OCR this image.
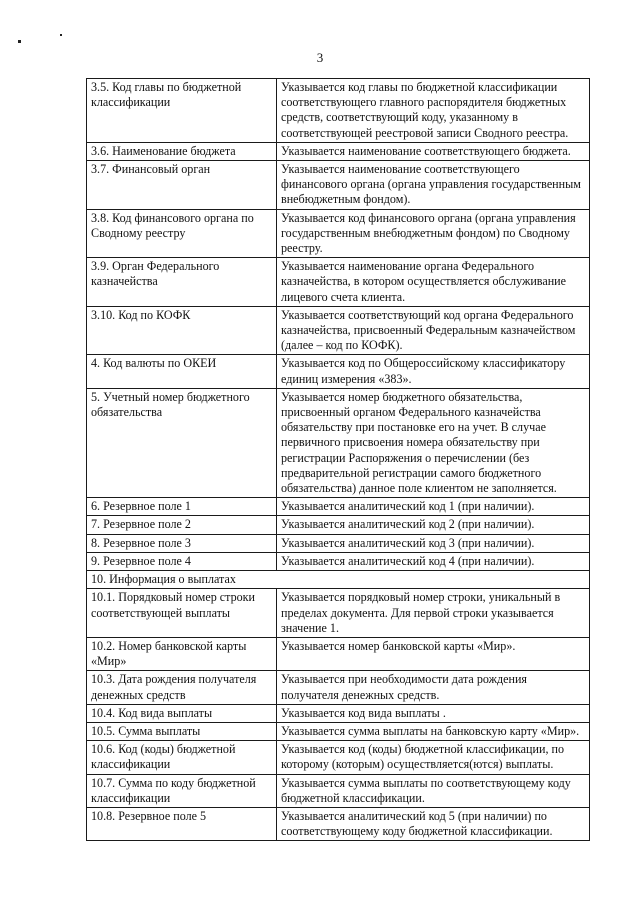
3
3.5. Код главы по бюджетной классификации	Указывается код главы по бюджетной классификации соответствующего главного распорядителя бюджетных средств, соответствующий коду, указанному в соответствующей реестровой записи Сводного реестра.
3.6. Наименование бюджета	Указывается наименование соответствующего бюджета.
3.7. Финансовый орган	Указывается наименование соответствующего финансового органа (органа управления государственным внебюджетным фондом).
3.8. Код финансового органа по Сводному реестру	Указывается код финансового органа (органа управления государственным внебюджетным фондом) по Сводному реестру.
3.9. Орган Федерального казначейства	Указывается наименование органа Федерального казначейства, в котором осуществляется обслуживание лицевого счета клиента.
3.10. Код по КОФК	Указывается соответствующий код органа Федерального казначейства, присвоенный Федеральным казначейством (далее – код по КОФК).
4. Код валюты по ОКЕИ	Указывается код по Общероссийскому классификатору единиц измерения «383».
5. Учетный номер бюджетного обязательства	Указывается номер бюджетного обязательства, присвоенный органом Федерального казначейства обязательству при постановке его на учет. В случае первичного присвоения номера обязательству при регистрации Распоряжения о перечислении (без предварительной регистрации самого бюджетного обязательства) данное поле клиентом не заполняется.
6. Резервное поле 1	Указывается аналитический код 1 (при наличии).
7. Резервное поле 2	Указывается аналитический код 2 (при наличии).
8. Резервное поле 3	Указывается аналитический код 3 (при наличии).
9. Резервное поле 4	Указывается аналитический код 4 (при наличии).
10. Информация о выплатах	
10.1. Порядковый номер строки соответствующей выплаты	Указывается порядковый номер строки, уникальный в пределах документа. Для первой строки указывается значение 1.
10.2. Номер банковской карты «Мир»	Указывается номер банковской карты «Мир».
10.3. Дата рождения получателя денежных средств	Указывается при необходимости дата рождения получателя денежных средств.
10.4. Код вида выплаты	Указывается код вида выплаты .
10.5. Сумма выплаты	Указывается сумма выплаты на банковскую карту «Мир».
10.6. Код (коды) бюджетной классификации	Указывается код (коды) бюджетной классификации, по которому (которым) осуществляется(ются) выплаты.
10.7. Сумма по коду бюджетной классификации	Указывается сумма выплаты по соответствующему коду бюджетной классификации.
10.8. Резервное поле 5	Указывается аналитический код 5 (при наличии) по соответствующему коду бюджетной классификации.
